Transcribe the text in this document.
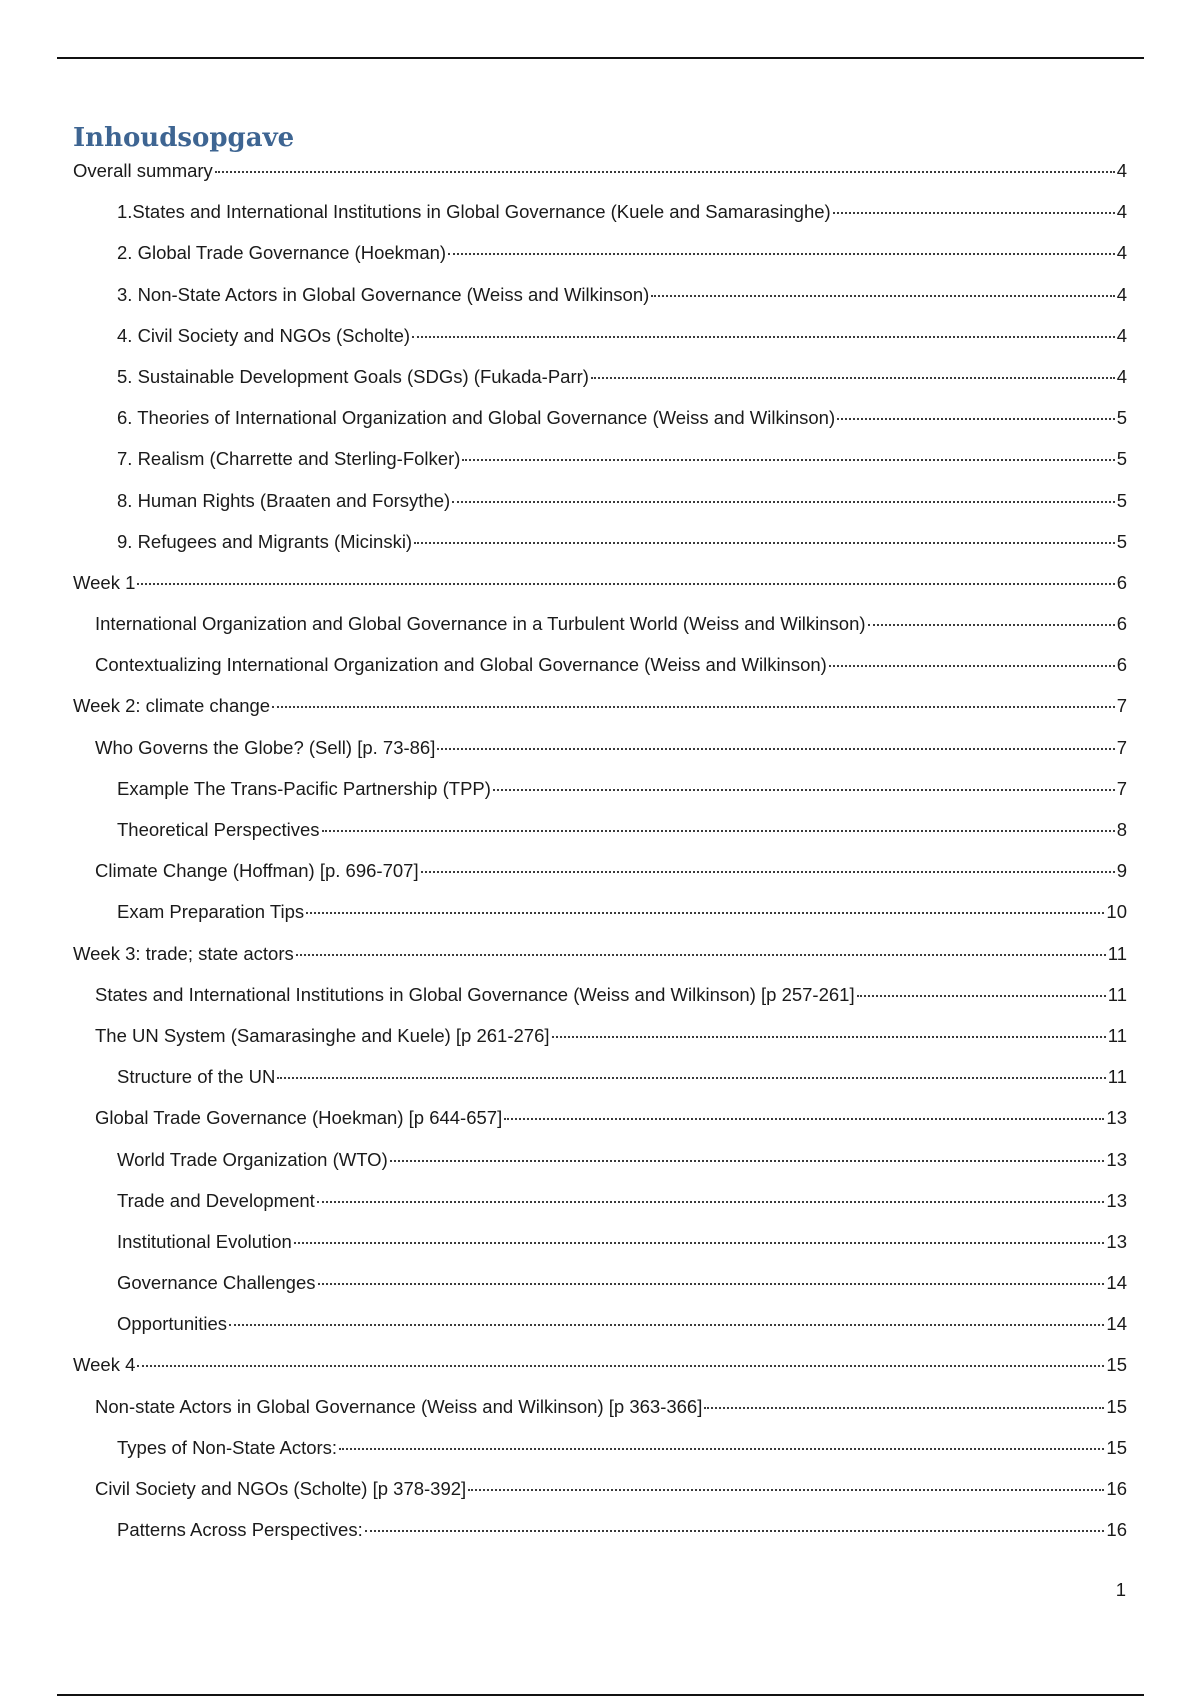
Inhoudsopgave
Overall summary	4
1.States and International Institutions in Global Governance (Kuele and Samarasinghe)	4
2. Global Trade Governance (Hoekman)	4
3. Non-State Actors in Global Governance (Weiss and Wilkinson)	4
4. Civil Society and NGOs (Scholte)	4
5. Sustainable Development Goals (SDGs) (Fukada-Parr)	4
6. Theories of International Organization and Global Governance (Weiss and Wilkinson)	5
7. Realism (Charrette and Sterling-Folker)	5
8. Human Rights (Braaten and Forsythe)	5
9. Refugees and Migrants (Micinski)	5
Week 1	6
International Organization and Global Governance in a Turbulent World (Weiss and Wilkinson)	6
Contextualizing International Organization and Global Governance (Weiss and Wilkinson)	6
Week 2: climate change	7
Who Governs the Globe? (Sell) [p. 73-86]	7
Example The Trans-Pacific Partnership (TPP)	7
Theoretical Perspectives	8
Climate Change (Hoffman) [p. 696-707]	9
Exam Preparation Tips	10
Week 3: trade; state actors	11
States and International Institutions in Global Governance (Weiss and Wilkinson) [p 257-261]	11
The UN System (Samarasinghe and Kuele) [p 261-276]	11
Structure of the UN	11
Global Trade Governance (Hoekman) [p 644-657]	13
World Trade Organization (WTO)	13
Trade and Development	13
Institutional Evolution	13
Governance Challenges	14
Opportunities	14
Week 4	15
Non-state Actors in Global Governance (Weiss and Wilkinson) [p 363-366]	15
Types of Non-State Actors:	15
Civil Society and NGOs (Scholte) [p 378-392]	16
Patterns Across Perspectives:	16
1
